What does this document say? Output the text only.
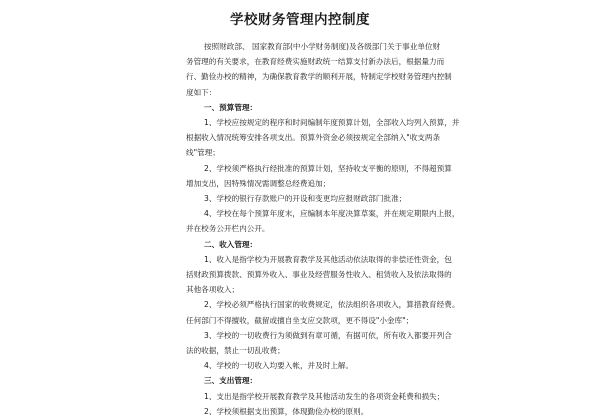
学校财务管理内控制度
按照财政部、 国家教育部(中小学财务制度)及各级部门关于事业单位财
务管理的有关要求，在教育经费实施财政统一结算支付新办法后，根据量力而
行、勤俭办校的精神，为确保教育教学的顺利开展，特制定学校财务管理内控制
度如下：
一、预算管理：
1、学校应按规定的程序和时间编制年度预算计划，全部收入均列入预算，并
根据收入情况统筹安排各项支出。预算外资金必须按规定全部纳入"收支两条
线"管理；
2、学校须严格执行经批准的预算计划，坚持收支平衡的原则，不得超预算
增加支出，因特殊情况需调整总经费追加；
3、学校的银行存款账户的开设和变更均应报财政部门批准；
4、学校在每个预算年度末，应编制本年度决算草案，并在规定期限内上报，
并在校务公开栏内公开。
二、收入管理：
1、收入是指学校为开展教育教学及其他活动依法取得的非偿还性资金，包
括财政预算拨款、预算外收入、事业及经营服务性收入、租赁收入及依法取得的
其他各项收入；
2、学校必须严格执行国家的收费规定，依法组织各项收入，算措教育经费。
任何部门不得擅收，截留或擅自坐支应交款项，更不得设"小金库"；
3、学校的一切收费行为须做到有章可循，有据可依，所有收入都要开列合
法的收据，禁止一切乱收费；
4、学校的一切收入均要入帐，并及时上解。
三、支出管理：
1、支出是指学校开展教育教学及其他活动发生的各项资金耗费和损失；
2、学校须根据支出预算，体现勤俭办校的原则。
